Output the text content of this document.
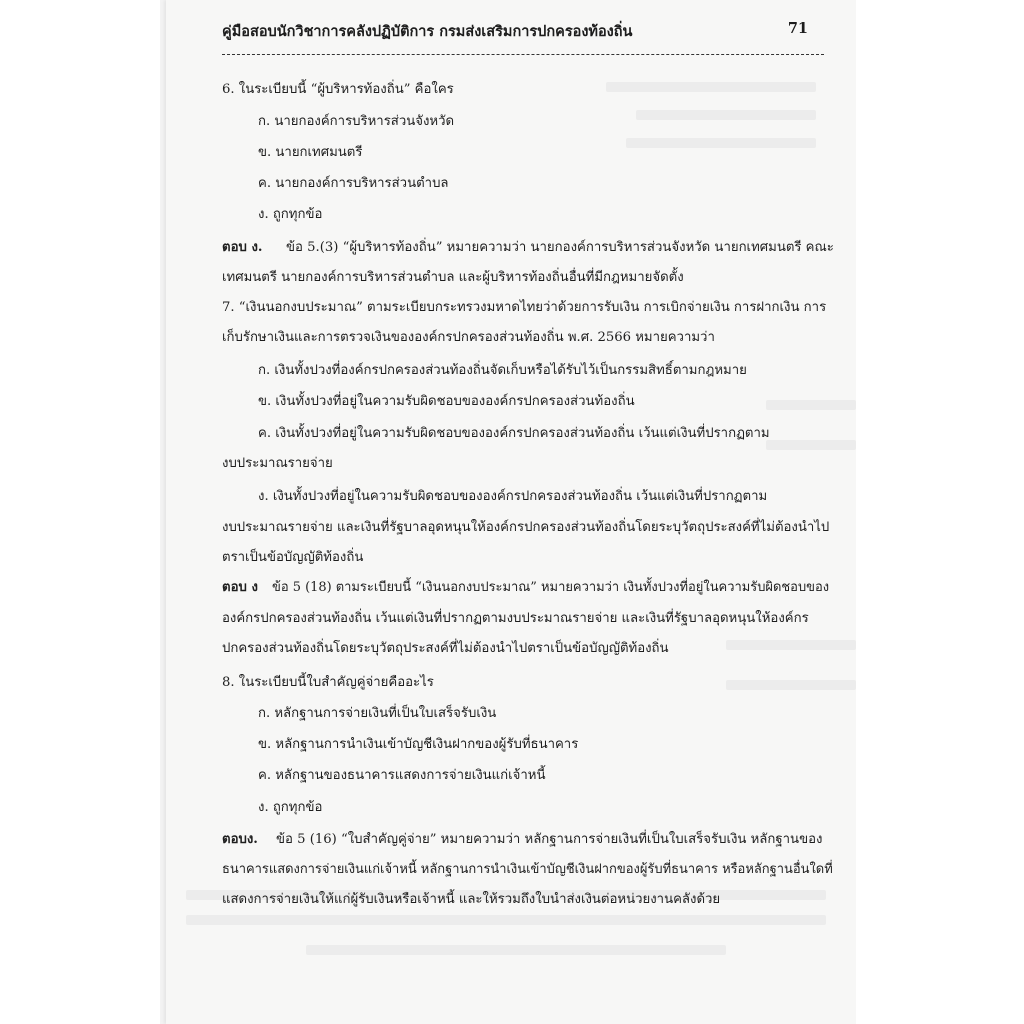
คู่มือสอบนักวิชาการคลังปฏิบัติการ กรมส่งเสริมการปกครองท้องถิ่น	71
6. ในระเบียบนี้ “ผู้บริหารท้องถิ่น” คือใคร
ก. นายกองค์การบริหารส่วนจังหวัด
ข. นายกเทศมนตรี
ค. นายกองค์การบริหารส่วนตำบล
ง. ถูกทุกข้อ
ตอบ ง. ข้อ 5.(3) “ผู้บริหารท้องถิ่น” หมายความว่า นายกองค์การบริหารส่วนจังหวัด นายกเทศมนตรี คณะ
เทศมนตรี นายกองค์การบริหารส่วนตำบล และผู้บริหารท้องถิ่นอื่นที่มีกฎหมายจัดตั้ง
7. “เงินนอกงบประมาณ” ตามระเบียบกระทรวงมหาดไทยว่าด้วยการรับเงิน การเบิกจ่ายเงิน การฝากเงิน การ
เก็บรักษาเงินและการตรวจเงินขององค์กรปกครองส่วนท้องถิ่น พ.ศ. 2566 หมายความว่า
ก. เงินทั้งปวงที่องค์กรปกครองส่วนท้องถิ่นจัดเก็บหรือได้รับไว้เป็นกรรมสิทธิ์ตามกฎหมาย
ข. เงินทั้งปวงที่อยู่ในความรับผิดชอบขององค์กรปกครองส่วนท้องถิ่น
ค. เงินทั้งปวงที่อยู่ในความรับผิดชอบขององค์กรปกครองส่วนท้องถิ่น เว้นแต่เงินที่ปรากฏตาม
งบประมาณรายจ่าย
ง. เงินทั้งปวงที่อยู่ในความรับผิดชอบขององค์กรปกครองส่วนท้องถิ่น เว้นแต่เงินที่ปรากฏตาม
งบประมาณรายจ่าย และเงินที่รัฐบาลอุดหนุนให้องค์กรปกครองส่วนท้องถิ่นโดยระบุวัตถุประสงค์ที่ไม่ต้องนำไป
ตราเป็นข้อบัญญัติท้องถิ่น
ตอบ ง ข้อ 5 (18) ตามระเบียบนี้ “เงินนอกงบประมาณ” หมายความว่า เงินทั้งปวงที่อยู่ในความรับผิดชอบของ
องค์กรปกครองส่วนท้องถิ่น เว้นแต่เงินที่ปรากฏตามงบประมาณรายจ่าย และเงินที่รัฐบาลอุดหนุนให้องค์กร
ปกครองส่วนท้องถิ่นโดยระบุวัตถุประสงค์ที่ไม่ต้องนำไปตราเป็นข้อบัญญัติท้องถิ่น
8. ในระเบียบนี้ใบสำคัญคู่จ่ายคืออะไร
ก. หลักฐานการจ่ายเงินที่เป็นใบเสร็จรับเงิน
ข. หลักฐานการนำเงินเข้าบัญชีเงินฝากของผู้รับที่ธนาคาร
ค. หลักฐานของธนาคารแสดงการจ่ายเงินแก่เจ้าหนี้
ง. ถูกทุกข้อ
ตอบง. ข้อ 5 (16) “ใบสำคัญคู่จ่าย” หมายความว่า หลักฐานการจ่ายเงินที่เป็นใบเสร็จรับเงิน หลักฐานของ
ธนาคารแสดงการจ่ายเงินแก่เจ้าหนี้ หลักฐานการนำเงินเข้าบัญชีเงินฝากของผู้รับที่ธนาคาร หรือหลักฐานอื่นใดที่
แสดงการจ่ายเงินให้แก่ผู้รับเงินหรือเจ้าหนี้ และให้รวมถึงใบนำส่งเงินต่อหน่วยงานคลังด้วย
